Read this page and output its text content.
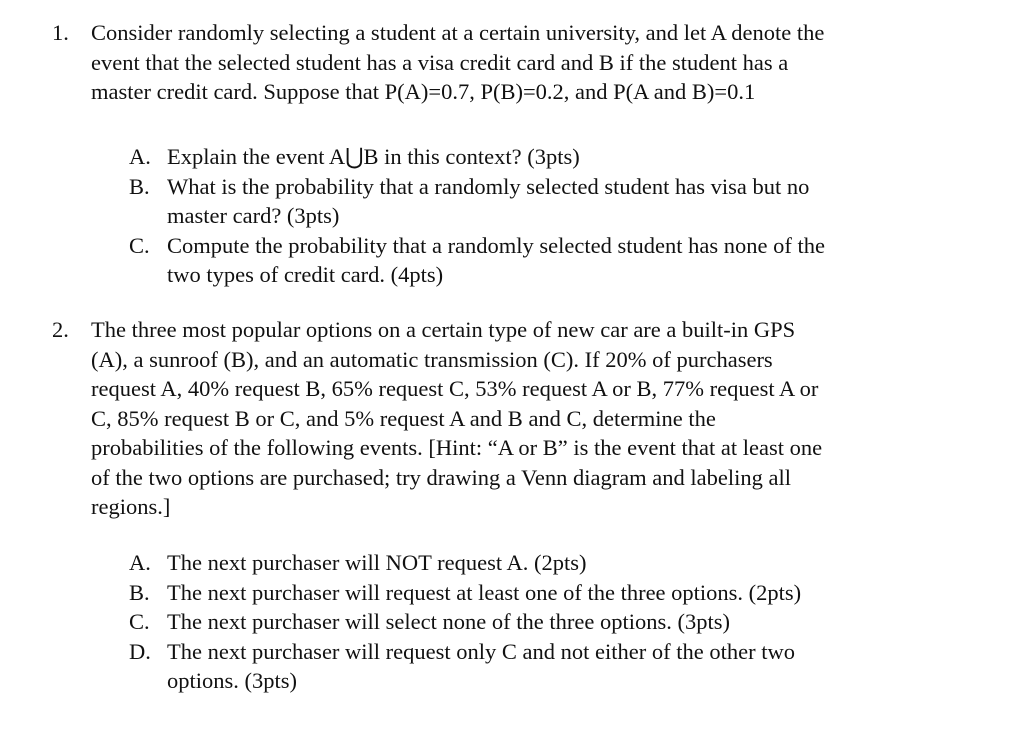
1. Consider randomly selecting a student at a certain university, and let A denote the
event that the selected student has a visa credit card and B if the student has a
master credit card. Suppose that P(A)=0.7, P(B)=0.2, and P(A and B)=0.1
A. Explain the event A⋃B in this context? (3pts)
B. What is the probability that a randomly selected student has visa but no
master card? (3pts)
C. Compute the probability that a randomly selected student has none of the
two types of credit card. (4pts)
2. The three most popular options on a certain type of new car are a built-in GPS
(A), a sunroof (B), and an automatic transmission (C). If 20% of purchasers
request A, 40% request B, 65% request C, 53% request A or B, 77% request A or
C, 85% request B or C, and 5% request A and B and C, determine the
probabilities of the following events. [Hint: “A or B” is the event that at least one
of the two options are purchased; try drawing a Venn diagram and labeling all
regions.]
A. The next purchaser will NOT request A. (2pts)
B. The next purchaser will request at least one of the three options. (2pts)
C. The next purchaser will select none of the three options. (3pts)
D. The next purchaser will request only C and not either of the other two
options. (3pts)
